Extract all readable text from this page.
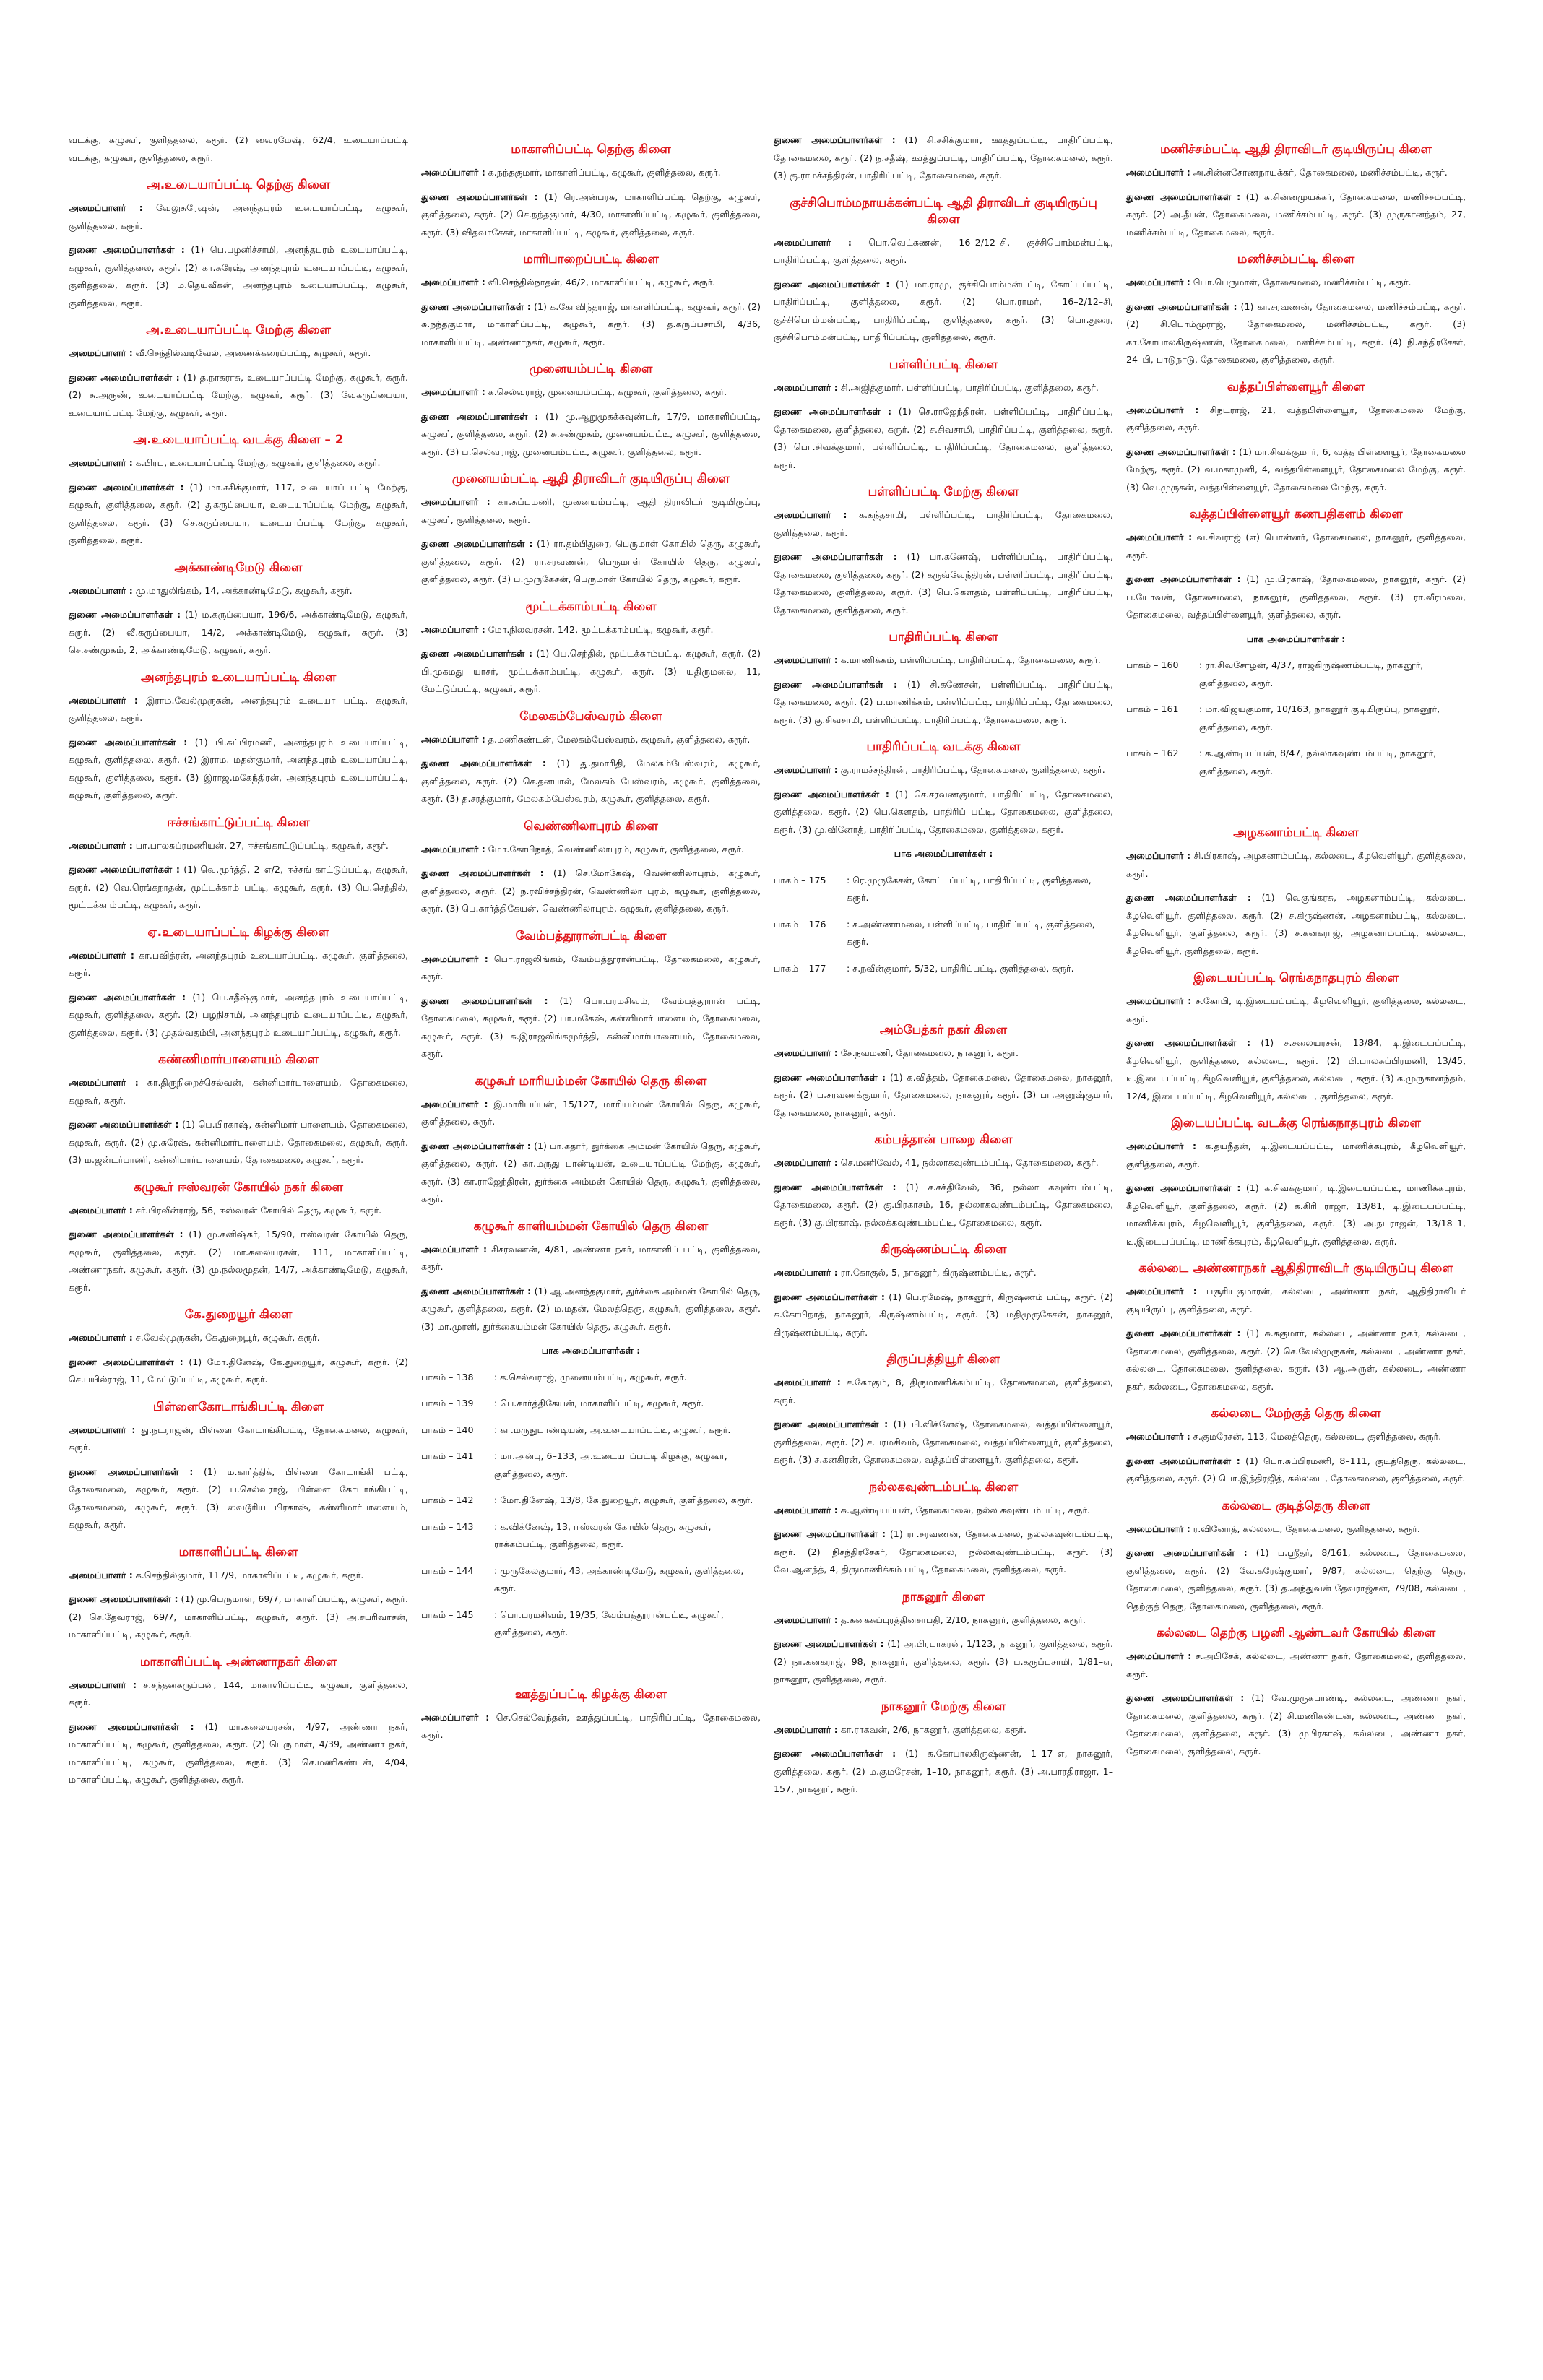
வடக்கு, கழுகூர், குளித்தலை, கரூர். (2) வைரமேஷ், 62/4, உடையாப்பட்டி வடக்கு, கழுகூர், குளித்தலை, கரூர்.

அ.உடையாப்பட்டி தெற்கு கிளை

அமைப்பாளர் : வேலுசுரேஷன், அனந்தபுரம் உடையாப்பட்டி, கழுகூர், குளித்தலை, கரூர்.

துணை அமைப்பாளர்கள் : (1) பெ.பழனிச்சாமி, அனந்தபுரம் உடையாப்பட்டி, கழுகூர், குளித்தலை, கரூர். (2) கா.சுரேஷ், அனந்தபுரம் உடையாப்பட்டி, கழுகூர், குளித்தலை, கரூர். (3) ம.தெய்வீகன், அனந்தபுரம் உடையாப்பட்டி, கழுகூர், குளித்தலை, கரூர்.

அ.உடையாப்பட்டி மேற்கு கிளை

அமைப்பாளர் : வீ.செந்தில்வடிவேல், அணைக்கரைப்பட்டி, கழுகூர், கரூர்.

துணை அமைப்பாளர்கள் : (1) த.நாகராசு, உடையாப்பட்டி மேற்கு, கழுகூர், கரூர். (2) சு.அருண், உடையாப்பட்டி மேற்கு, கழுகூர், கரூர். (3) வேகருப்பையா, உடையாப்பட்டி மேற்கு, கழுகூர், கரூர்.

அ.உடையாப்பட்டி வடக்கு கிளை – 2

அமைப்பாளர் : க.பிரபு, உடையாப்பட்டி மேற்கு, கழுகூர், குளித்தலை, கரூர்.

துணை அமைப்பாளர்கள் : (1) மா.சசிக்குமார், 117, உடையாப் பட்டி மேற்கு, கழுகூர், குளித்தலை, கரூர். (2) துகருப்பையா, உடையாப்பட்டி மேற்கு, கழுகூர், குளித்தலை, கரூர். (3) செ.கருப்பையா, உடையாப்பட்டி மேற்கு, கழுகூர், குளித்தலை, கரூர்.

அக்காண்டிமேடு கிளை

அமைப்பாளர் : மு.மாதுலிங்கம், 14, அக்காண்டிமேடு, கழுகூர், கரூர்.

துணை அமைப்பாளர்கள் : (1) ம.கருப்பையா, 196/6, அக்காண்டிமேடு, கழுகூர், கரூர். (2) வீ.கருப்பையா, 14/2, அக்காண்டிமேடு, கழுகூர், கரூர். (3) செ.சண்முகம், 2, அக்காண்டிமேடு, கழுகூர், கரூர்.

அனந்தபுரம் உடையாப்பட்டி கிளை

அமைப்பாளர் : இராம.வேல்முருகன், அனந்தபுரம் உடையா பட்டி, கழுகூர், குளித்தலை, கரூர்.

துணை அமைப்பாளர்கள் : (1) பி.சுப்பிரமணி, அனந்தபுரம் உடையாப்பட்டி, கழுகூர், குளித்தலை, கரூர். (2) இராம. மதன்குமார், அனந்தபுரம் உடையாப்பட்டி, கழுகூர், குளித்தலை, கரூர். (3) இராஜ.மகேந்திரன், அனந்தபுரம் உடையாப்பட்டி, கழுகூர், குளித்தலை, கரூர்.

ஈச்சங்காட்டுப்பட்டி கிளை

அமைப்பாளர் : பா.பாலசுப்ரமணியன், 27, ஈச்சங்காட்டுப்பட்டி, கழுகூர், கரூர்.

துணை அமைப்பாளர்கள் : (1) வெ.மூர்த்தி, 2–எ/2, ஈச்சங் காட்டுப்பட்டி, கழுகூர், கரூர். (2) வெ.ரெங்கநாதன், மூட்டக்காம் பட்டி, கழுகூர், கரூர். (3) பெ.செந்தில், மூட்டக்காம்பட்டி, கழுகூர், கரூர்.

ஏ.உடையாப்பட்டி கிழக்கு கிளை

அமைப்பாளர் : கா.பவித்ரன், அனந்தபுரம் உடையாப்பட்டி, கழுகூர், குளித்தலை, கரூர்.

துணை அமைப்பாளர்கள் : (1) பெ.சதீஷ்குமார், அனந்தபுரம் உடையாப்பட்டி, கழுகூர், குளித்தலை, கரூர். (2) பழநிசாமி, அனந்தபுரம் உடையாப்பட்டி, கழுகூர், குளித்தலை, கரூர். (3) முதல்வதம்பி, அனந்தபுரம் உடையாப்பட்டி, கழுகூர், கரூர்.

கண்ணிமார்பாளையம் கிளை

அமைப்பாளர் : கா.திருநிறைச்செல்வன், கன்னிமார்பாளையம், தோகைமலை, கழுகூர், கரூர்.

துணை அமைப்பாளர்கள் : (1) பெ.பிரகாஷ், கன்னிமார் பாளையம், தோகைமலை, கழுகூர், கரூர். (2) மு.சுரேஷ், கன்னிமார்பாளையம், தோகைமலை, கழுகூர், கரூர். (3) ம.ஜன்டர்பாணி, கன்னிமார்பாளையம், தோகைமலை, கழுகூர், கரூர்.

கழுகூர் ஈஸ்வரன் கோயில் நகர் கிளை

அமைப்பாளர் : சர்.பிரவீன்ராஜ், 56, ஈஸ்வரன் கோயில் தெரு, கழுகூர், கரூர்.

துணை அமைப்பாளர்கள் : (1) மு.கனிஷ்கர், 15/90, ஈஸ்வரன் கோயில் தெரு, கழுகூர், குளித்தலை, கரூர். (2) மா.கலையரசன், 111, மாகாளிப்பட்டி, அண்ணாநகர், கழுகூர், கரூர். (3) மு.நல்லமுதன், 14/7, அக்காண்டிமேடு, கழுகூர், கரூர்.

கே.துறையூர் கிளை

அமைப்பாளர் : ச.வேல்முருகன், கே.துறையூர், கழுகூர், கரூர்.

துணை அமைப்பாளர்கள் : (1) மோ.தினேஷ், கே.துறையூர், கழுகூர், கரூர். (2) செ.பயில்ராஜ், 11, மேட்டுப்பட்டி, கழுகூர், கரூர்.

பிள்ளைகோடாங்கிபட்டி கிளை

அமைப்பாளர் : து.நடராஜன், பிள்ளை கோடாங்கிபட்டி, தோகைமலை, கழுகூர், கரூர்.

துணை அமைப்பாளர்கள் : (1) ம.கார்த்திக், பிள்ளை கோடாங்கி பட்டி, தோகைமலை, கழுகூர், கரூர். (2) ப.செல்வராஜ், பிள்ளை கோடாங்கிபட்டி, தோகைமலை, கழுகூர், கரூர். (3) வைடூரிய பிரகாஷ், கன்னிமார்பாளையம், கழுகூர், கரூர்.

மாகாளிப்பட்டி கிளை

அமைப்பாளர் : க.செந்தில்குமார், 117/9, மாகாளிப்பட்டி, கழுகூர், கரூர்.

துணை அமைப்பாளர்கள் : (1) மு.பெருமாள், 69/7, மாகாளிப்பட்டி, கழுகூர், கரூர். (2) செ.தேவராஜ், 69/7, மாகாளிப்பட்டி, கழுகூர், கரூர். (3) அ.சபரிவாசன், மாகாளிப்பட்டி, கழுகூர், கரூர்.

மாகாளிப்பட்டி அண்ணாநகர் கிளை

அமைப்பாளர் : ச.சந்தனகருப்பன், 144, மாகாளிப்பட்டி, கழுகூர், குளித்தலை, கரூர்.

துணை அமைப்பாளர்கள் : (1) மா.கலையரசன், 4/97, அண்ணா நகர், மாகாளிப்பட்டி, கழுகூர், குளித்தலை, கரூர். (2) பெருமாள், 4/39, அண்ணா நகர், மாகாளிப்பட்டி, கழுகூர், குளித்தலை, கரூர். (3) செ.மணிகண்டன், 4/04, மாகாளிப்பட்டி, கழுகூர், குளித்தலை, கரூர்.

மாகாளிப்பட்டி தெற்கு கிளை

அமைப்பாளர் : க.நந்தகுமார், மாகாளிப்பட்டி, கழுகூர், குளித்தலை, கரூர்.

துணை அமைப்பாளர்கள் : (1) ரெ.அன்பரசு, மாகாளிப்பட்டி தெற்கு, கழுகூர், குளித்தலை, கரூர். (2) செ.நந்தகுமார், 4/30, மாகாளிப்பட்டி, கழுகூர், குளித்தலை, கரூர். (3) விதவாசேகர், மாகாளிப்பட்டி, கழுகூர், குளித்தலை, கரூர்.

மாரிபாறைப்பட்டி கிளை

அமைப்பாளர் : வி.செந்தில்நாதன், 46/2, மாகாளிப்பட்டி, கழுகூர், கரூர்.

துணை அமைப்பாளர்கள் : (1) க.கோவிந்தராஜ், மாகாளிப்பட்டி, கழுகூர், கரூர். (2) சு.நந்தகுமார், மாகாளிப்பட்டி, கழுகூர், கரூர். (3) த.கருப்பசாமி, 4/36, மாகாளிப்பட்டி, அண்ணாநகர், கழுகூர், கரூர்.

முனையம்பட்டி கிளை

அமைப்பாளர் : க.செல்வராஜ், முனையம்பட்டி, கழுகூர், குளித்தலை, கரூர்.

துணை அமைப்பாளர்கள் : (1) மு.ஆறுமுகக்கவுண்டர், 17/9, மாகாளிப்பட்டி, கழுகூர், குளித்தலை, கரூர். (2) சு.சண்முகம், முனையம்பட்டி, கழுகூர், குளித்தலை, கரூர். (3) ப.செல்வராஜ், முனையம்பட்டி, கழுகூர், குளித்தலை, கரூர்.

முனையம்பட்டி ஆதி திராவிடர் குடியிருப்பு கிளை

அமைப்பாளர் : கா.சுப்பமணி, முனையம்பட்டி, ஆதி திராவிடர் குடியிருப்பு, கழுகூர், குளித்தலை, கரூர்.

துணை அமைப்பாளர்கள் : (1) ரா.தம்பிதுரை, பெருமாள் கோயில் தெரு, கழுகூர், குளித்தலை, கரூர். (2) ரா.சரவணன், பெருமாள் கோயில் தெரு, கழுகூர், குளித்தலை, கரூர். (3) ப.முருகேசன், பெருமாள் கோயில் தெரு, கழுகூர், கரூர்.

மூட்டக்காம்பட்டி கிளை

அமைப்பாளர் : மோ.நிலவரசன், 142, மூட்டக்காம்பட்டி, கழுகூர், கரூர்.

துணை அமைப்பாளர்கள் : (1) பெ.செந்தில், மூட்டக்காம்பட்டி, கழுகூர், கரூர். (2) பி.முகமது யாசர், மூட்டக்காம்பட்டி, கழுகூர், கரூர். (3) யதிருமலை, 11, மேட்டுப்பட்டி, கழுகூர், கரூர்.

மேலகம்பேஸ்வரம் கிளை

அமைப்பாளர் : த.மணிகண்டன், மேலகம்பேஸ்வரம், கழுகூர், குளித்தலை, கரூர்.

துணை அமைப்பாளர்கள் : (1) து.தமாரிதி, மேலகம்பேஸ்வரம், கழுகூர், குளித்தலை, கரூர். (2) செ.தனபால், மேலகம் பேஸ்வரம், கழுகூர், குளித்தலை, கரூர். (3) த.சரத்குமார், மேலகம்பேஸ்வரம், கழுகூர், குளித்தலை, கரூர்.

வெண்ணிலாபுரம் கிளை

அமைப்பாளர் : மோ.கோபிநாத், வெண்ணிலாபுரம், கழுகூர், குளித்தலை, கரூர்.

துணை அமைப்பாளர்கள் : (1) செ.மோகேஷ், வெண்ணிலாபுரம், கழுகூர், குளித்தலை, கரூர். (2) ந.ரவிச்சந்திரன், வெண்ணிலா புரம், கழுகூர், குளித்தலை, கரூர். (3) பெ.கார்த்திகேயன், வெண்ணிலாபுரம், கழுகூர், குளித்தலை, கரூர்.

வேம்பத்தூரான்பட்டி கிளை

அமைப்பாளர் : பொ.ராஜலிங்கம், வேம்பத்தூரான்பட்டி, தோகைமலை, கழுகூர், கரூர்.

துணை அமைப்பாளர்கள் : (1) பொ.பரமசிவம், வேம்பத்தூரான் பட்டி, தோகைமலை, கழுகூர், கரூர். (2) பா.மகேஷ், கன்னிமார்பாளையம், தோகைமலை, கழுகூர், கரூர். (3) சு.இராஜலிங்கமூர்த்தி, கன்னிமார்பாளையம், தோகைமலை, கரூர்.

கழுகூர் மாரியம்மன் கோயில் தெரு கிளை

அமைப்பாளர் : இ.மாரியப்பன், 15/127, மாரியம்மன் கோயில் தெரு, கழுகூர், குளித்தலை, கரூர்.

துணை அமைப்பாளர்கள் : (1) பா.கதார், துர்க்கை அம்மன் கோயில் தெரு, கழுகூர், குளித்தலை, கரூர். (2) கா.மருது பாண்டியன், உடையாப்பட்டி மேற்கு, கழுகூர், கரூர். (3) கா.ராஜேந்திரன், துர்க்கை அம்மன் கோயில் தெரு, கழுகூர், குளித்தலை, கரூர்.

கழுகூர் காளியம்மன் கோயில் தெரு கிளை

அமைப்பாளர் : சிசரவணன், 4/81, அண்ணா நகர், மாகாளிப் பட்டி, குளித்தலை, கரூர்.

துணை அமைப்பாளர்கள் : (1) ஆ.அனந்தகுமார், துர்க்கை அம்மன் கோயில் தெரு, கழுகூர், குளித்தலை, கரூர். (2) ம.மதன், மேலத்தெரு, கழுகூர், குளித்தலை, கரூர். (3) மா.முரளி, துர்க்கையம்மன் கோயில் தெரு, கழுகூர், கரூர்.

பாக அமைப்பாளர்கள் :
பாகம் – 138	: க.செல்வராஜ், முனையம்பட்டி, கழுகூர், கரூர்.
பாகம் – 139	: பெ.கார்த்திகேயன், மாகாளிப்பட்டி, கழுகூர், கரூர்.
பாகம் – 140	: கா.மருதுபாண்டியன், அ.உடையாப்பட்டி, கழுகூர், கரூர்.
பாகம் – 141	: மா.அன்பு, 6–133, அ.உடையாப்பட்டி கிழக்கு, கழுகூர், குளித்தலை, கரூர்.
பாகம் – 142	: மோ.தினேஷ், 13/8, கே.துறையூர், கழுகூர், குளித்தலை, கரூர்.
பாகம் – 143	: க.விக்னேஷ், 13, ஈஸ்வரன் கோயில் தெரு, கழுகூர், ராக்கம்பட்டி, குளித்தலை, கரூர்.
பாகம் – 144	: முருகேலகுமார், 43, அக்காண்டிமேடு, கழுகூர், குளித்தலை, கரூர்.
பாகம் – 145	: பொ.பரமசிவம், 19/35, வேம்பத்தூரான்பட்டி, கழுகூர், குளித்தலை, கரூர்.
ஊத்துப்பட்டி கிழக்கு கிளை

அமைப்பாளர் : செ.செல்வேந்தன், ஊத்துப்பட்டி, பாதிரிப்பட்டி, தோகைமலை, கரூர்.

துணை அமைப்பாளர்கள் : (1) சி.சசிக்குமார், ஊத்துப்பட்டி, பாதிரிப்பட்டி, தோகைமலை, கரூர். (2) ந.சதீஷ், ஊத்துப்பட்டி, பாதிரிப்பட்டி, தோகைமலை, கரூர். (3) கு.ராமச்சந்திரன், பாதிரிப்பட்டி, தோகைமலை, கரூர்.

குச்சிபொம்மநாயக்கன்பட்டி ஆதி திராவிடர் குடியிருப்பு கிளை

அமைப்பாளர் : பொ.வெட்கணன், 16–2/12–சி, குச்சிபொம்மன்பட்டி, பாதிரிப்பட்டி, குளித்தலை, கரூர்.

துணை அமைப்பாளர்கள் : (1) மா.ராமு, குச்சிபொம்மன்பட்டி, கோட்டப்பட்டி, பாதிரிப்பட்டி, குளித்தலை, கரூர். (2) பொ.ராமர், 16–2/12–சி, குச்சிபொம்மன்பட்டி, பாதிரிப்பட்டி, குளித்தலை, கரூர். (3) பொ.துரை, குச்சிபொம்மன்பட்டி, பாதிரிப்பட்டி, குளித்தலை, கரூர்.

பள்ளிப்பட்டி கிளை

அமைப்பாளர் : சி.அஜித்குமார், பள்ளிப்பட்டி, பாதிரிப்பட்டி, குளித்தலை, கரூர்.

துணை அமைப்பாளர்கள் : (1) செ.ராஜேந்திரன், பள்ளிப்பட்டி, பாதிரிப்பட்டி, தோகைமலை, குளித்தலை, கரூர். (2) ச.சிவசாமி, பாதிரிப்பட்டி, குளித்தலை, கரூர். (3) பொ.சிவக்குமார், பள்ளிப்பட்டி, பாதிரிப்பட்டி, தோகைமலை, குளித்தலை, கரூர்.

பள்ளிப்பட்டி மேற்கு கிளை

அமைப்பாளர் : க.கந்தசாமி, பள்ளிப்பட்டி, பாதிரிப்பட்டி, தோகைமலை, குளித்தலை, கரூர்.

துணை அமைப்பாளர்கள் : (1) பா.கணேஷ், பள்ளிப்பட்டி, பாதிரிப்பட்டி, தோகைமலை, குளித்தலை, கரூர். (2) கருவ்வேந்திரன், பள்ளிப்பட்டி, பாதிரிப்பட்டி, தோகைமலை, குளித்தலை, கரூர். (3) பெ.கௌதம், பள்ளிப்பட்டி, பாதிரிப்பட்டி, தோகைமலை, குளித்தலை, கரூர்.

பாதிரிப்பட்டி கிளை

அமைப்பாளர் : க.மாணிக்கம், பள்ளிப்பட்டி, பாதிரிப்பட்டி, தோகைமலை, கரூர்.

துணை அமைப்பாளர்கள் : (1) சி.கணேசன், பள்ளிப்பட்டி, பாதிரிப்பட்டி, தோகைமலை, கரூர். (2) ப.மாணிக்கம், பள்ளிப்பட்டி, பாதிரிப்பட்டி, தோகைமலை, கரூர். (3) கு.சிவசாமி, பள்ளிப்பட்டி, பாதிரிப்பட்டி, தோகைமலை, கரூர்.

பாதிரிப்பட்டி வடக்கு கிளை

அமைப்பாளர் : கு.ராமச்சந்திரன், பாதிரிப்பட்டி, தோகைமலை, குளித்தலை, கரூர்.

துணை அமைப்பாளர்கள் : (1) செ.சரவணகுமார், பாதிரிப்பட்டி, தோகைமலை, குளித்தலை, கரூர். (2) பெ.கௌதம், பாதிரிப் பட்டி, தோகைமலை, குளித்தலை, கரூர். (3) மு.வினோத், பாதிரிப்பட்டி, தோகைமலை, குளித்தலை, கரூர்.

பாக அமைப்பாளர்கள் :
பாகம் – 175	: ரெ.முருகேசன், கோட்டப்பட்டி, பாதிரிப்பட்டி, குளித்தலை, கரூர்.
பாகம் – 176	: ச.அண்ணாமலை, பள்ளிப்பட்டி, பாதிரிப்பட்டி, குளித்தலை, கரூர்.
பாகம் – 177	: ச.நவீன்குமார், 5/32, பாதிரிப்பட்டி, குளித்தலை, கரூர்.
அம்பேத்கர் நகர் கிளை

அமைப்பாளர் : சே.நவமணி, தோகைமலை, நாகனூர், கரூர்.

துணை அமைப்பாளர்கள் : (1) க.வித்தம், தோகைமலை, தோகைமலை, நாகனூர், கரூர். (2) ப.சரவணக்குமார், தோகைமலை, நாகனூர், கரூர். (3) பா.அனுஷ்குமார், தோகைமலை, நாகனூர், கரூர்.

கம்பத்தான் பாறை கிளை

அமைப்பாளர் : செ.மணிவேல், 41, நல்லாகவுண்டம்பட்டி, தோகைமலை, கரூர்.

துணை அமைப்பாளர்கள் : (1) ச.சக்திவேல், 36, நல்லா கவுண்டம்பட்டி, தோகைமலை, கரூர். (2) கு.பிரகாசம், 16, நல்லாகவுண்டம்பட்டி, தோகைமலை, கரூர். (3) கு.பிரகாஷ், நல்லக்கவுண்டம்பட்டி, தோகைமலை, கரூர்.

கிருஷ்ணம்பட்டி கிளை

அமைப்பாளர் : ரா.கோகுல், 5, நாகனூர், கிருஷ்ணம்பட்டி, கரூர்.

துணை அமைப்பாளர்கள் : (1) பெ.ரமேஷ், நாகனூர், கிருஷ்ணம் பட்டி, கரூர். (2) க.கோபிநாத், நாகனூர், கிருஷ்ணம்பட்டி, கரூர். (3) மதிமுருகேசன், நாகனூர், கிருஷ்ணம்பட்டி, கரூர்.

திருப்பத்தியூர் கிளை

அமைப்பாளர் : ச.கோகும், 8, திருமாணிக்கம்பட்டி, தோகைமலை, குளித்தலை, கரூர்.

துணை அமைப்பாளர்கள் : (1) பி.விக்னேஷ், தோகைமலை, வத்தப்பிள்ளையூர், குளித்தலை, கரூர். (2) ச.பரமசிவம், தோகைமலை, வத்தப்பிள்ளையூர், குளித்தலை, கரூர். (3) ச.கனகிரன், தோகைமலை, வத்தப்பிள்ளையூர், குளித்தலை, கரூர்.

நல்லகவுண்டம்பட்டி கிளை

அமைப்பாளர் : சு.ஆண்டியப்பன், தோகைமலை, நல்ல கவுண்டம்பட்டி, கரூர்.

துணை அமைப்பாளர்கள் : (1) ரா.சரவணன், தோகைமலை, நல்லகவுண்டம்பட்டி, கரூர். (2) நிசந்திரசேகர், தோகைமலை, நல்லகவுண்டம்பட்டி, கரூர். (3) வே.ஆனந்த், 4, திருமாணிக்கம் பட்டி, தோகைமலை, குளித்தலை, கரூர்.

நாகனூர் கிளை

அமைப்பாளர் : த.கனகசுப்புரத்தினசாபதி, 2/10, நாகனூர், குளித்தலை, கரூர்.

துணை அமைப்பாளர்கள் : (1) அ.பிரபாகரன், 1/123, நாகனூர், குளித்தலை, கரூர். (2) நா.கனகராஜ், 98, நாகனூர், குளித்தலை, கரூர். (3) ப.கருப்பசாமி, 1/81–எ, நாகனூர், குளித்தலை, கரூர்.

நாகனூர் மேற்கு கிளை

அமைப்பாளர் : கா.ராகவன், 2/6, நாகனூர், குளித்தலை, கரூர்.

துணை அமைப்பாளர்கள் : (1) க.கோபாலகிருஷ்ணன், 1–17–எ, நாகனூர், குளித்தலை, கரூர். (2) ம.குமரேசன், 1–10, நாகனூர், கரூர். (3) அ.பாரதிராஜா, 1–157, நாகனூர், கரூர்.

மணிச்சம்பட்டி ஆதி திராவிடர் குடியிருப்பு கிளை

அமைப்பாளர் : அ.சின்னசோணநாயக்கர், தோகைமலை, மணிச்சம்பட்டி, கரூர்.

துணை அமைப்பாளர்கள் : (1) க.சின்னமுயக்கர், தோகைமலை, மணிச்சம்பட்டி, கரூர். (2) அ.தீபன், தோகைமலை, மணிச்சம்பட்டி, கரூர். (3) முருகானந்தம், 27, மணிச்சம்பட்டி, தோகைமலை, கரூர்.

மணிச்சம்பட்டி கிளை

அமைப்பாளர் : பொ.பெருமாள், தோகைமலை, மணிச்சம்பட்டி, கரூர்.

துணை அமைப்பாளர்கள் : (1) கா.சரவணன், தோகைமலை, மணிச்சம்பட்டி, கரூர். (2) சி.பொம்முராஜ், தோகைமலை, மணிச்சம்பட்டி, கரூர். (3) கா.கோபாலகிருஷ்ணன், தோகைமலை, மணிச்சம்பட்டி, கரூர். (4) நி.சந்திரசேகர், 24–பி, பாடுநாடு, தோகைமலை, குளித்தலை, கரூர்.

வத்தப்பிள்ளையூர் கிளை

அமைப்பாளர் : சிநடராஜ், 21, வத்தபிள்ளையூர், தோகைமலை மேற்கு, குளித்தலை, கரூர்.

துணை அமைப்பாளர்கள் : (1) மா.சிவக்குமார், 6, வத்த பிள்ளையூர், தோகைமலை மேற்கு, கரூர். (2) வ.மகாமுனி, 4, வத்தபிள்ளையூர், தோகைமலை மேற்கு, கரூர். (3) வெ.முருகன், வத்தபிள்ளையூர், தோகைமலை மேற்கு, கரூர்.

வத்தப்பிள்ளையூர் கணபதிகளம் கிளை

அமைப்பாளர் : வ.சிவராஜ் (எ) பொன்னர், தோகைமலை, நாகனூர், குளித்தலை, கரூர்.

துணை அமைப்பாளர்கள் : (1) மு.பிரகாஷ், தோகைமலை, நாகனூர், கரூர். (2) ப.யோவன், தோகைமலை, நாகனூர், குளித்தலை, கரூர். (3) ரா.வீரமலை, தோகைமலை, வத்தப்பிள்ளையூர், குளித்தலை, கரூர்.

பாக அமைப்பாளர்கள் :
பாகம் – 160	: ரா.சிவசோழன், 4/37, ராஜகிருஷ்ணம்பட்டி, நாகனூர், குளித்தலை, கரூர்.
பாகம் – 161	: மா.விஜயகுமார், 10/163, நாகனூர் குடியிருப்பு, நாகனூர், குளித்தலை, கரூர்.
பாகம் – 162	: க.ஆண்டியப்பன், 8/47, நல்லாகவுண்டம்பட்டி, நாகனூர், குளித்தலை, கரூர்.
அழகனாம்பட்டி கிளை

அமைப்பாளர் : சி.பிரகாஷ், அழகனாம்பட்டி, கல்லடை, கீழவெளியூர், குளித்தலை, கரூர்.

துணை அமைப்பாளர்கள் : (1) வெகுங்கரசு, அழகனாம்பட்டி, கல்லடை, கீழவெளியூர், குளித்தலை, கரூர். (2) ச.கிருஷ்ணன், அழகனாம்பட்டி, கல்லடை, கீழவெளியூர், குளித்தலை, கரூர். (3) ச.கனகராஜ், அழகனாம்பட்டி, கல்லடை, கீழவெளியூர், குளித்தலை, கரூர்.

இடையப்பட்டி ரெங்கநாதபுரம் கிளை

அமைப்பாளர் : ச.கோபி, டி.இடையப்பட்டி, கீழவெளியூர், குளித்தலை, கல்லடை, கரூர்.

துணை அமைப்பாளர்கள் : (1) ச.சலையரசன், 13/84, டி.இடையப்பட்டி, கீழவெளியூர், குளித்தலை, கல்லடை, கரூர். (2) பி.பாலசுப்பிரமணி, 13/45, டி.இடையப்பட்டி, கீழவெளியூர், குளித்தலை, கல்லடை, கரூர். (3) க.முருகானந்தம், 12/4, இடையப்பட்டி, கீழவெளியூர், கல்லடை, குளித்தலை, கரூர்.

இடையப்பட்டி வடக்கு ரெங்கநாதபுரம் கிளை

அமைப்பாளர் : க.தயநீதன், டி.இடையப்பட்டி, மாணிக்கபுரம், கீழவெளியூர், குளித்தலை, கரூர்.

துணை அமைப்பாளர்கள் : (1) க.சிவக்குமார், டி.இடையப்பட்டி, மாணிக்கபுரம், கீழவெளியூர், குளித்தலை, கரூர். (2) க.கிரி ராஜா, 13/81, டி.இடையப்பட்டி, மாணிக்கபுரம், கீழவெளியூர், குளித்தலை, கரூர். (3) அ.நடராஜன், 13/18–1, டி.இடையப்பட்டி, மாணிக்கபுரம், கீழவெளியூர், குளித்தலை, கரூர்.

கல்லடை அண்ணாநகர் ஆதிதிராவிடர் குடியிருப்பு கிளை

அமைப்பாளர் : பசூரியகுமாரன், கல்லடை, அண்ணா நகர், ஆதிதிராவிடர் குடியிருப்பு, குளித்தலை, கரூர்.

துணை அமைப்பாளர்கள் : (1) சு.சுகுமார், கல்லடை, அண்ணா நகர், கல்லடை, தோகைமலை, குளித்தலை, கரூர். (2) செ.வேல்முருகன், கல்லடை, அண்ணா நகர், கல்லடை, தோகைமலை, குளித்தலை, கரூர். (3) ஆ.அருள், கல்லடை, அண்ணா நகர், கல்லடை, தோகைமலை, கரூர்.

கல்லடை மேற்குத் தெரு கிளை

அமைப்பாளர் : ச.குமரேசன், 113, மேலத்தெரு, கல்லடை, குளித்தலை, கரூர்.

துணை அமைப்பாளர்கள் : (1) பொ.சுப்பிரமணி, 8–111, குடித்தெரு, கல்லடை, குளித்தலை, கரூர். (2) பொ.இந்திரஜித், கல்லடை, தோகைமலை, குளித்தலை, கரூர்.

கல்லடை குடித்தெரு கிளை

அமைப்பாளர் : ர.வினோத், கல்லடை, தோகைமலை, குளித்தலை, கரூர்.

துணை அமைப்பாளர்கள் : (1) ப.ஸ்ரீதர், 8/161, கல்லடை, தோகைமலை, குளித்தலை, கரூர். (2) வே.சுரேஷ்குமார், 9/87, கல்லடை, தெற்கு தெரு, தோகைமலை, குளித்தலை, கரூர். (3) த.அந்துவன் தேவராஜ்கன், 79/08, கல்லடை, தெற்குத் தெரு, தோகைமலை, குளித்தலை, கரூர்.

கல்லடை தெற்கு பழனி ஆண்டவர் கோயில் கிளை

அமைப்பாளர் : ச.அபிசேக், கல்லடை, அண்ணா நகர், தோகைமலை, குளித்தலை, கரூர்.

துணை அமைப்பாளர்கள் : (1) வே.முருகபாண்டி, கல்லடை, அண்ணா நகர், தோகைமலை, குளித்தலை, கரூர். (2) சி.மணிகண்டன், கல்லடை, அண்ணா நகர், தோகைமலை, குளித்தலை, கரூர். (3) முபிரகாஷ், கல்லடை, அண்ணா நகர், தோகைமலை, குளித்தலை, கரூர்.
